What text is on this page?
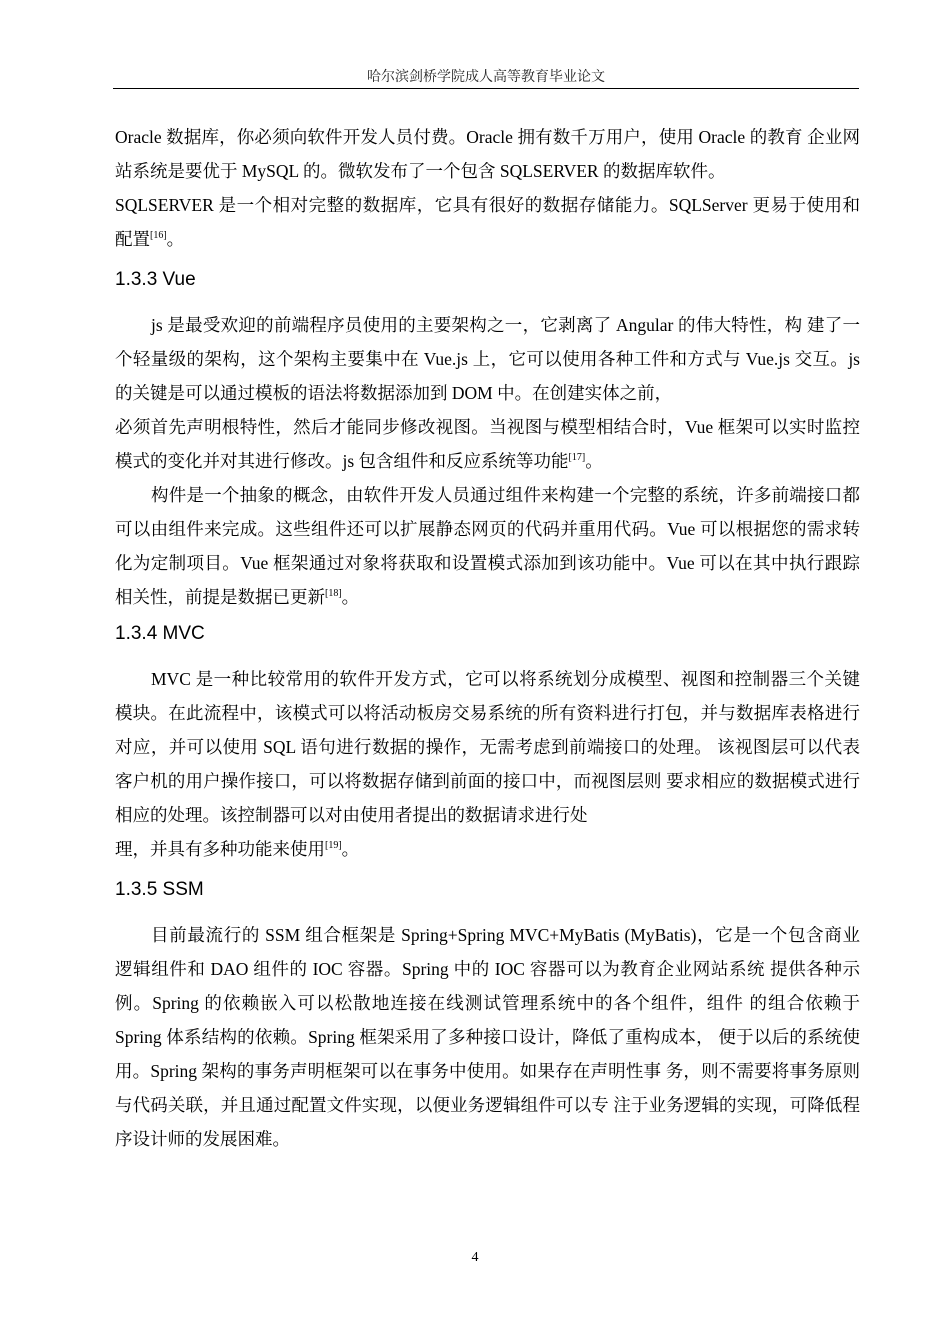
哈尔滨剑桥学院成人高等教育毕业论文

Oracle 数据库，你必须向软件开发人员付费。Oracle 拥有数千万用户，使用 Oracle 的教育 企业网站系统是要优于 MySQL 的。微软发布了一个包含 SQLSERVER 的数据库软件。

SQLSERVER 是一个相对完整的数据库，它具有很好的数据存储能力。SQLServer 更易于使用和配置[16]。

1.3.3 Vue

js 是最受欢迎的前端程序员使用的主要架构之一，它剥离了 Angular 的伟大特性，构 建了一个轻量级的架构，这个架构主要集中在 Vue.js 上，它可以使用各种工件和方式与 Vue.js 交互。js 的关键是可以通过模板的语法将数据添加到 DOM 中。在创建实体之前，

必须首先声明根特性，然后才能同步修改视图。当视图与模型相结合时，Vue 框架可以实时监控模式的变化并对其进行修改。js 包含组件和反应系统等功能[17]。

构件是一个抽象的概念，由软件开发人员通过组件来构建一个完整的系统，许多前端接口都可以由组件来完成。这些组件还可以扩展静态网页的代码并重用代码。Vue 可以根据您的需求转化为定制项目。Vue 框架通过对象将获取和设置模式添加到该功能中。Vue 可以在其中执行跟踪相关性，前提是数据已更新[18]。

1.3.4 MVC

MVC 是一种比较常用的软件开发方式，它可以将系统划分成模型、视图和控制器三个关键模块。在此流程中，该模式可以将活动板房交易系统的所有资料进行打包，并与数据库表格进行对应，并可以使用 SQL 语句进行数据的操作，无需考虑到前端接口的处理。 该视图层可以代表客户机的用户操作接口，可以将数据存储到前面的接口中，而视图层则 要求相应的数据模式进行相应的处理。该控制器可以对由使用者提出的数据请求进行处

理，并具有多种功能来使用[19]。

1.3.5 SSM

目前最流行的 SSM 组合框架是 Spring+Spring MVC+MyBatis (MyBatis)，它是一个包含商业逻辑组件和 DAO 组件的 IOC 容器。Spring 中的 IOC 容器可以为教育企业网站系统 提供各种示例。Spring 的依赖嵌入可以松散地连接在线测试管理系统中的各个组件，组件 的组合依赖于 Spring 体系结构的依赖。Spring 框架采用了多种接口设计，降低了重构成本， 便于以后的系统使用。Spring 架构的事务声明框架可以在事务中使用。如果存在声明性事 务，则不需要将事务原则与代码关联，并且通过配置文件实现，以便业务逻辑组件可以专 注于业务逻辑的实现，可降低程序设计师的发展困难。

4
